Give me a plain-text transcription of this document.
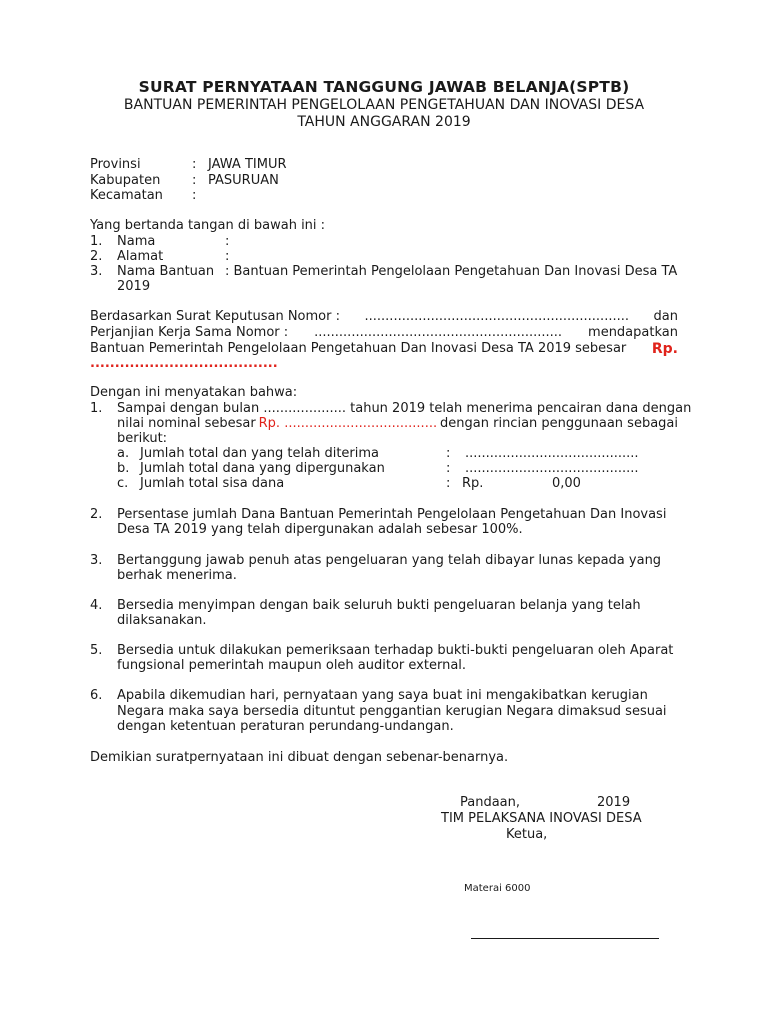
SURAT PERNYATAAN TANGGUNG JAWAB BELANJA(SPTB)
BANTUAN PEMERINTAH PENGELOLAAN PENGETAHUAN DAN INOVASI DESA
TAHUN ANGGARAN 2019
Provinsi	: JAWA TIMUR
Kabupaten : PASURUAN
Kecamatan :
Yang bertanda tangan di bawah ini :
1. Nama	:
2. Alamat	:
3. Nama Bantuan : Bantuan Pemerintah Pengelolaan Pengetahuan Dan Inovasi Desa TA
2019
Berdasarkan Surat Keputusan Nomor : ................................................................ dan
Perjanjian Kerja Sama Nomor : ............................................................ mendapatkan
Bantuan Pemerintah Pengelolaan Pengetahuan Dan Inovasi Desa TA 2019 sebesar Rp.
......................................
Dengan ini menyatakan bahwa:
1. Sampai dengan bulan .................... tahun 2019 telah menerima pencairan dana dengan
nilai nominal sebesar Rp. ..................................... dengan rincian penggunaan sebagai
berikut:
a. Jumlah total dan yang telah diterima	: ..........................................
b. Jumlah total dana yang dipergunakan	: ..........................................
c. Jumlah total sisa dana	: Rp.	0,00
2. Persentase jumlah Dana Bantuan Pemerintah Pengelolaan Pengetahuan Dan Inovasi
Desa TA 2019 yang telah dipergunakan adalah sebesar 100%.
3. Bertanggung jawab penuh atas pengeluaran yang telah dibayar lunas kepada yang
berhak menerima.
4. Bersedia menyimpan dengan baik seluruh bukti pengeluaran belanja yang telah
dilaksanakan.
5. Bersedia untuk dilakukan pemeriksaan terhadap bukti-bukti pengeluaran oleh Aparat
fungsional pemerintah maupun oleh auditor external.
6. Apabila dikemudian hari, pernyataan yang saya buat ini mengakibatkan kerugian
Negara maka saya bersedia dituntut penggantian kerugian Negara dimaksud sesuai
dengan ketentuan peraturan perundang-undangan.
Demikian suratpernyataan ini dibuat dengan sebenar-benarnya.
Pandaan,	2019
TIM PELAKSANA INOVASI DESA
Ketua,
Materai 6000
